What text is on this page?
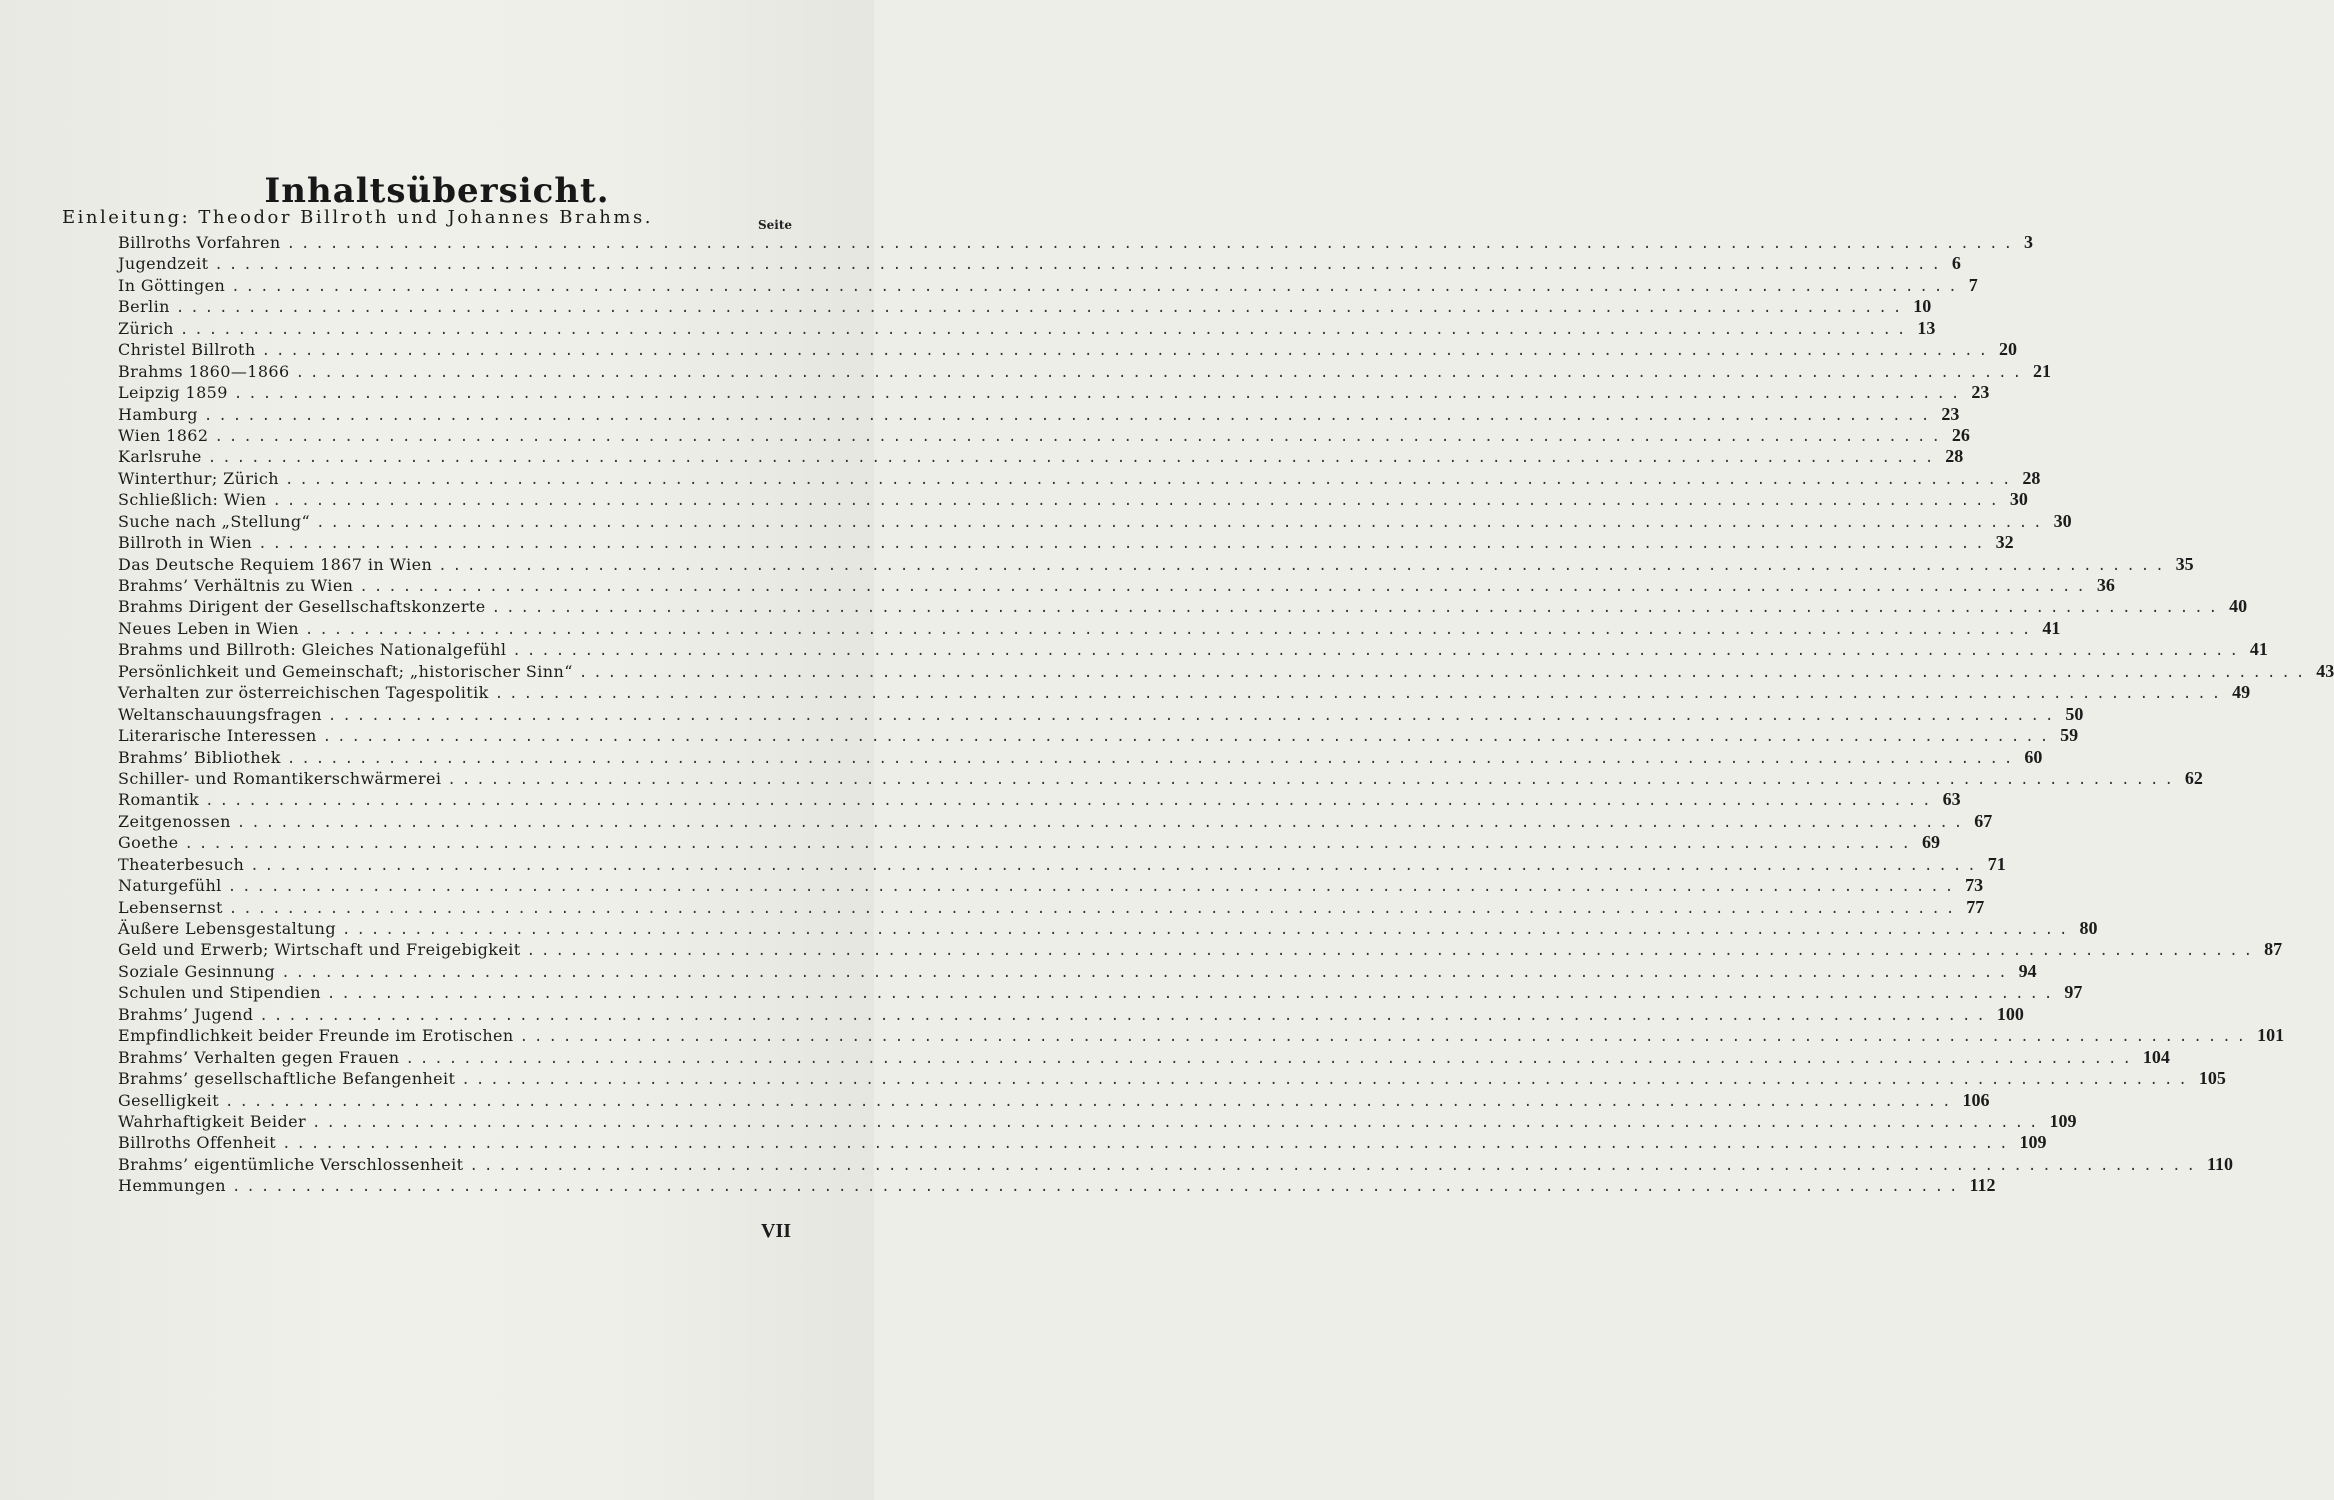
Inhaltsübersicht.
Einleitung: Theodor Billroth und Johannes Brahms.	Seite
Billroths Vorfahren ........................................................................................................................ 3
Jugendzeit ........................................................................................................................ 6
In Göttingen ........................................................................................................................ 7
Berlin ........................................................................................................................ 10
Zürich ........................................................................................................................ 13
Christel Billroth ........................................................................................................................ 20
Brahms 1860—1866 ........................................................................................................................ 21
Leipzig 1859 ........................................................................................................................ 23
Hamburg ........................................................................................................................ 23
Wien 1862 ........................................................................................................................ 26
Karlsruhe ........................................................................................................................ 28
Winterthur; Zürich ........................................................................................................................ 28
Schließlich: Wien ........................................................................................................................ 30
Suche nach „Stellung“ ........................................................................................................................ 30
Billroth in Wien ........................................................................................................................ 32
Das Deutsche Requiem 1867 in Wien ........................................................................................................................ 35
Brahms’ Verhältnis zu Wien ........................................................................................................................ 36
Brahms Dirigent der Gesellschaftskonzerte ........................................................................................................................ 40
Neues Leben in Wien ........................................................................................................................ 41
Brahms und Billroth: Gleiches Nationalgefühl ........................................................................................................................ 41
Persönlichkeit und Gemeinschaft; „historischer Sinn“ ........................................................................................................................ 43
Verhalten zur österreichischen Tagespolitik ........................................................................................................................ 49
Weltanschauungsfragen ........................................................................................................................ 50
Literarische Interessen ........................................................................................................................ 59
Brahms’ Bibliothek ........................................................................................................................ 60
Schiller- und Romantikerschwärmerei ........................................................................................................................ 62
Romantik ........................................................................................................................ 63
Zeitgenossen ........................................................................................................................ 67
Goethe ........................................................................................................................ 69
Theaterbesuch ........................................................................................................................ 71
Naturgefühl ........................................................................................................................ 73
Lebensernst ........................................................................................................................ 77
Äußere Lebensgestaltung ........................................................................................................................ 80
Geld und Erwerb; Wirtschaft und Freigebigkeit ........................................................................................................................ 87
Soziale Gesinnung ........................................................................................................................ 94
Schulen und Stipendien ........................................................................................................................ 97
Brahms’ Jugend ........................................................................................................................ 100
Empfindlichkeit beider Freunde im Erotischen ........................................................................................................................ 101
Brahms’ Verhalten gegen Frauen ........................................................................................................................ 104
Brahms’ gesellschaftliche Befangenheit ........................................................................................................................ 105
Geselligkeit ........................................................................................................................ 106
Wahrhaftigkeit Beider ........................................................................................................................ 109
Billroths Offenheit ........................................................................................................................ 109
Brahms’ eigentümliche Verschlossenheit ........................................................................................................................ 110
Hemmungen ........................................................................................................................ 112
VII
